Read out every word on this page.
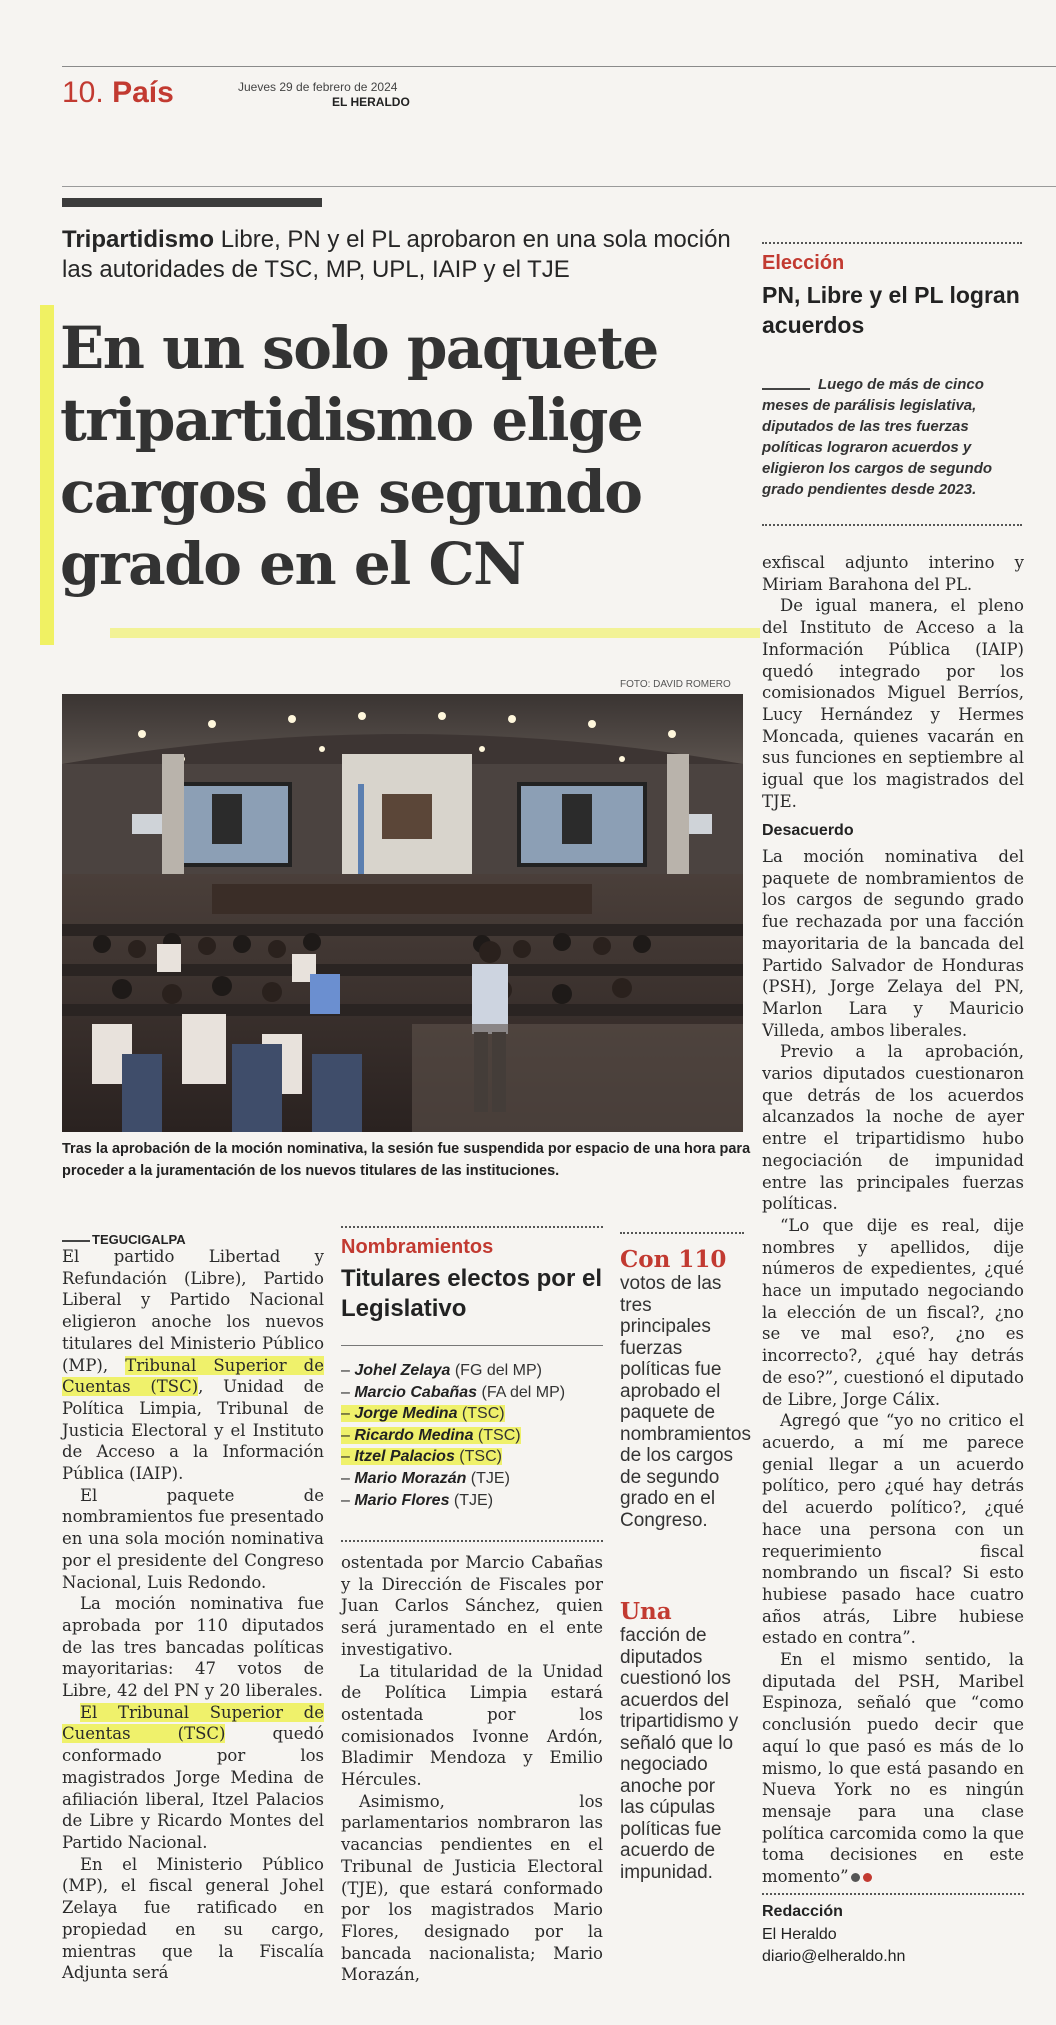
10. País	Jueves 29 de febrero de 2024
EL HERALDO
Tripartidismo Libre, PN y el PL aprobaron en una sola moción las autoridades de TSC, MP, UPL, IAIP y el TJE
En un solo paquete tripartidismo elige cargos de segundo grado en el CN
FOTO: DAVID ROMERO
Tras la aprobación de la moción nominativa, la sesión fue suspendida por espacio de una hora para proceder a la juramentación de los nuevos titulares de las instituciones.
Elección
PN, Libre y el PL logran acuerdos
Luego de más de cinco meses de parálisis legislativa, diputados de las tres fuerzas políticas lograron acuerdos y eligieron los cargos de segundo grado pendientes desde 2023.

exfiscal adjunto interino y Miriam Barahona del PL.

De igual manera, el pleno del Instituto de Acceso a la Información Pública (IAIP) quedó integrado por los comisionados Miguel Berríos, Lucy Hernández y Hermes Moncada, quienes vacarán en sus funciones en septiembre al igual que los magistrados del TJE.

Desacuerdo

La moción nominativa del paquete de nombramientos de los cargos de segundo grado fue rechazada por una facción mayoritaria de la bancada del Partido Salvador de Honduras (PSH), Jorge Zelaya del PN, Marlon Lara y Mauricio Villeda, ambos liberales.

Previo a la aprobación, varios diputados cuestionaron que detrás de los acuerdos alcanzados la noche de ayer entre el tripartidismo hubo negociación de impunidad entre las principales fuerzas políticas.

“Lo que dije es real, dije nombres y apellidos, dije números de expedientes, ¿qué hace un imputado negociando la elección de un fiscal?, ¿no se ve mal eso?, ¿no es incorrecto?, ¿qué hay detrás de eso?”, cuestionó el diputado de Libre, Jorge Cálix.

Agregó que “yo no critico el acuerdo, a mí me parece genial llegar a un acuerdo político, pero ¿qué hay detrás del acuerdo político?, ¿qué hace una persona con un requerimiento fiscal nombrando un fiscal? Si esto hubiese pasado hace cuatro años atrás, Libre hubiese estado en contra”.

En el mismo sentido, la diputada del PSH, Maribel Espinoza, señaló que “como conclusión puedo decir que aquí lo que pasó es más de lo mismo, lo que está pasando en Nueva York no es ningún mensaje para una clase política carcomida como la que toma decisiones en este momento”

Redacción
El Heraldo
diario@elheraldo.hn
TEGUCIGALPA

El partido Libertad y Refundación (Libre), Partido Liberal y Partido Nacional eligieron anoche los nuevos titulares del Ministerio Público (MP), Tribunal Superior de Cuentas (TSC), Unidad de Política Limpia, Tribunal de Justicia Electoral y el Instituto de Acceso a la Información Pública (IAIP).

El paquete de nombramientos fue presentado en una sola moción nominativa por el presidente del Congreso Nacional, Luis Redondo.

La moción nominativa fue aprobada por 110 diputados de las tres bancadas políticas mayoritarias: 47 votos de Libre, 42 del PN y 20 liberales.

El Tribunal Superior de Cuentas (TSC) quedó conformado por los magistrados Jorge Medina de afiliación liberal, Itzel Palacios de Libre y Ricardo Montes del Partido Nacional.

En el Ministerio Público (MP), el fiscal general Johel Zelaya fue ratificado en propiedad en su cargo, mientras que la Fiscalía Adjunta será

Nombramientos
Titulares electos por el Legislativo
– Johel Zelaya (FG del MP)
– Marcio Cabañas (FA del MP)
– Jorge Medina (TSC)
– Ricardo Medina (TSC)
– Itzel Palacios (TSC)
– Mario Morazán (TJE)
– Mario Flores (TJE)

ostentada por Marcio Cabañas y la Dirección de Fiscales por Juan Carlos Sánchez, quien será juramentado en el ente investigativo.

La titularidad de la Unidad de Política Limpia estará ostentada por los comisionados Ivonne Ardón, Bladimir Mendoza y Emilio Hércules.

Asimismo, los parlamentarios nombraron las vacancias pendientes en el Tribunal de Justicia Electoral (TJE), que estará conformado por los magistrados Mario Flores, designado por la bancada nacionalista; Mario Morazán,

Con 110
votos de las tres principales fuerzas políticas fue aprobado el paquete de nombramientos de los cargos de segundo grado en el Congreso.
Una
facción de diputados cuestionó los acuerdos del tripartidismo y señaló que lo negociado anoche por las cúpulas políticas fue acuerdo de impunidad.
